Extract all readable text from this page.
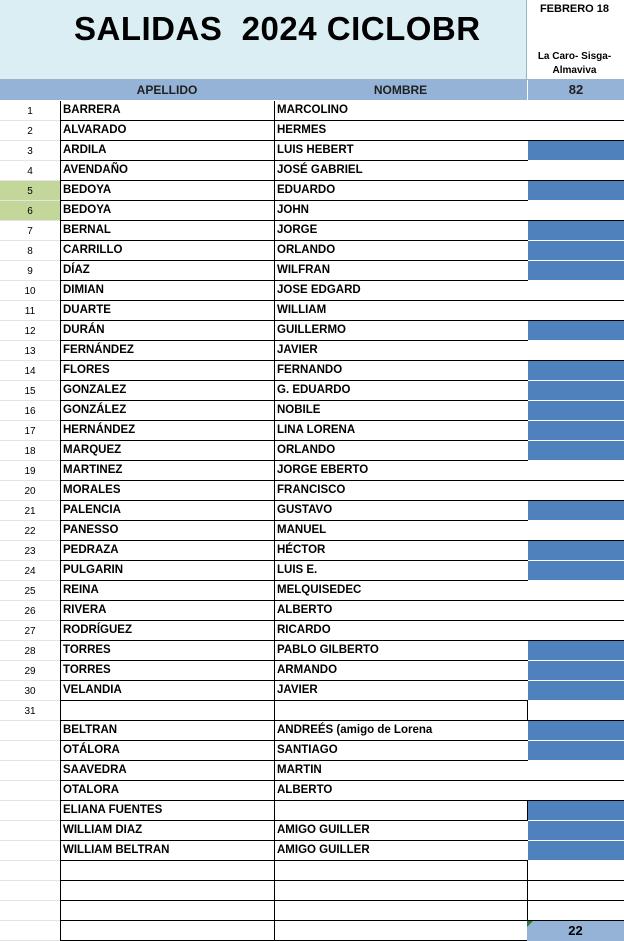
SALIDAS  2024 CICLOBR
FEBRERO 18
La Caro- Sisga-
Almaviva
APELLIDO	NOMBRE	82
1	BARRERA	MARCOLINO
2	ALVARADO	HERMES
3	ARDILA	LUIS HEBERT
4	AVENDAÑO	JOSÉ GABRIEL
5	BEDOYA	EDUARDO
6	BEDOYA	JOHN
7	BERNAL	JORGE
8	CARRILLO	ORLANDO
9	DÍAZ	WILFRAN
10	DIMIAN	JOSE EDGARD
11	DUARTE	WILLIAM
12	DURÁN	GUILLERMO
13	FERNÁNDEZ	JAVIER
14	FLORES	FERNANDO
15	GONZALEZ	G. EDUARDO
16	GONZÁLEZ	NOBILE
17	HERNÁNDEZ	LINA LORENA
18	MARQUEZ	ORLANDO
19	MARTINEZ	JORGE EBERTO
20	MORALES	FRANCISCO
21	PALENCIA	GUSTAVO
22	PANESSO	MANUEL
23	PEDRAZA	HÉCTOR
24	PULGARIN	LUIS E.
25	REINA	MELQUISEDEC
26	RIVERA	ALBERTO
27	RODRÍGUEZ	RICARDO
28	TORRES	PABLO GILBERTO
29	TORRES	ARMANDO
30	VELANDIA	JAVIER
31
BELTRAN	ANDREÉS (amigo de Lorena
OTÁLORA	SANTIAGO
SAAVEDRA	MARTIN
OTALORA	ALBERTO
ELIANA FUENTES
WILLIAM DIAZ	AMIGO GUILLER
WILLIAM BELTRAN	AMIGO GUILLER
22
